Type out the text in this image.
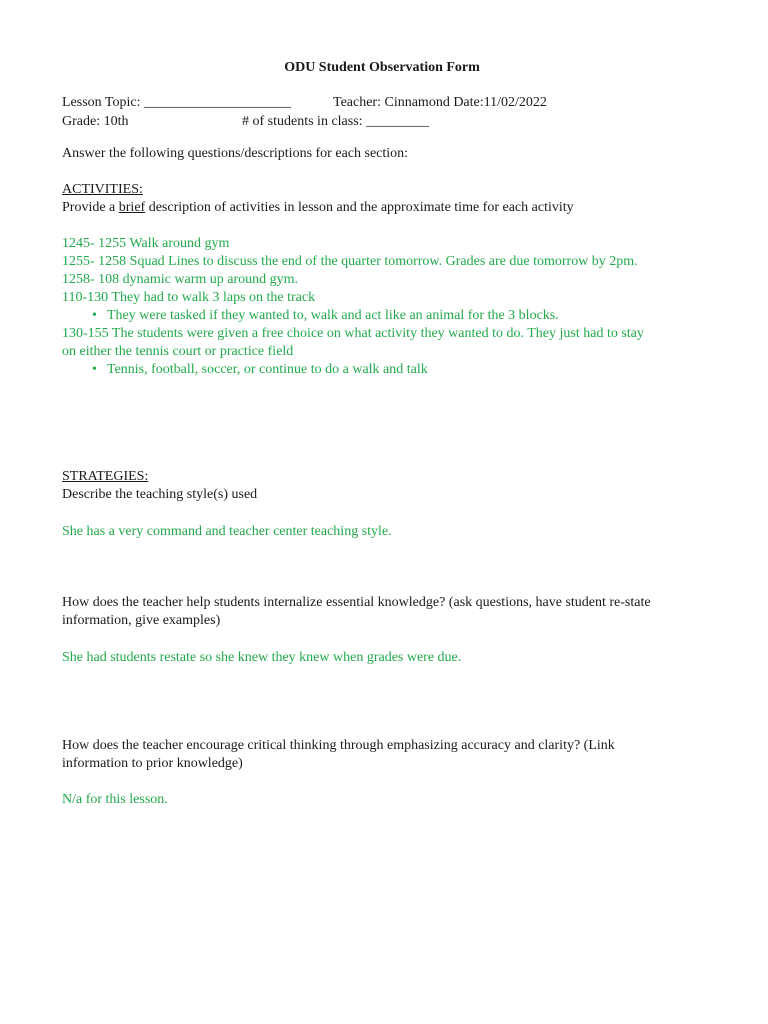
ODU Student Observation Form
Lesson Topic: _____________________	Teacher: Cinnamond Date:11/02/2022
Grade: 10th	# of students in class: _________
Answer the following questions/descriptions for each section:
ACTIVITIES:
Provide a brief description of activities in lesson and the approximate time for each activity
1245- 1255 Walk around gym
1255- 1258 Squad Lines to discuss the end of the quarter tomorrow. Grades are due tomorrow by 2pm.
1258- 108 dynamic warm up around gym.
110-130 They had to walk 3 laps on the track
• They were tasked if they wanted to, walk and act like an animal for the 3 blocks.
130-155 The students were given a free choice on what activity they wanted to do. They just had to stay
on either the tennis court or practice field
• Tennis, football, soccer, or continue to do a walk and talk
STRATEGIES:
Describe the teaching style(s) used
She has a very command and teacher center teaching style.
How does the teacher help students internalize essential knowledge? (ask questions, have student re-state
information, give examples)
She had students restate so she knew they knew when grades were due.
How does the teacher encourage critical thinking through emphasizing accuracy and clarity? (Link
information to prior knowledge)
N/a for this lesson.
